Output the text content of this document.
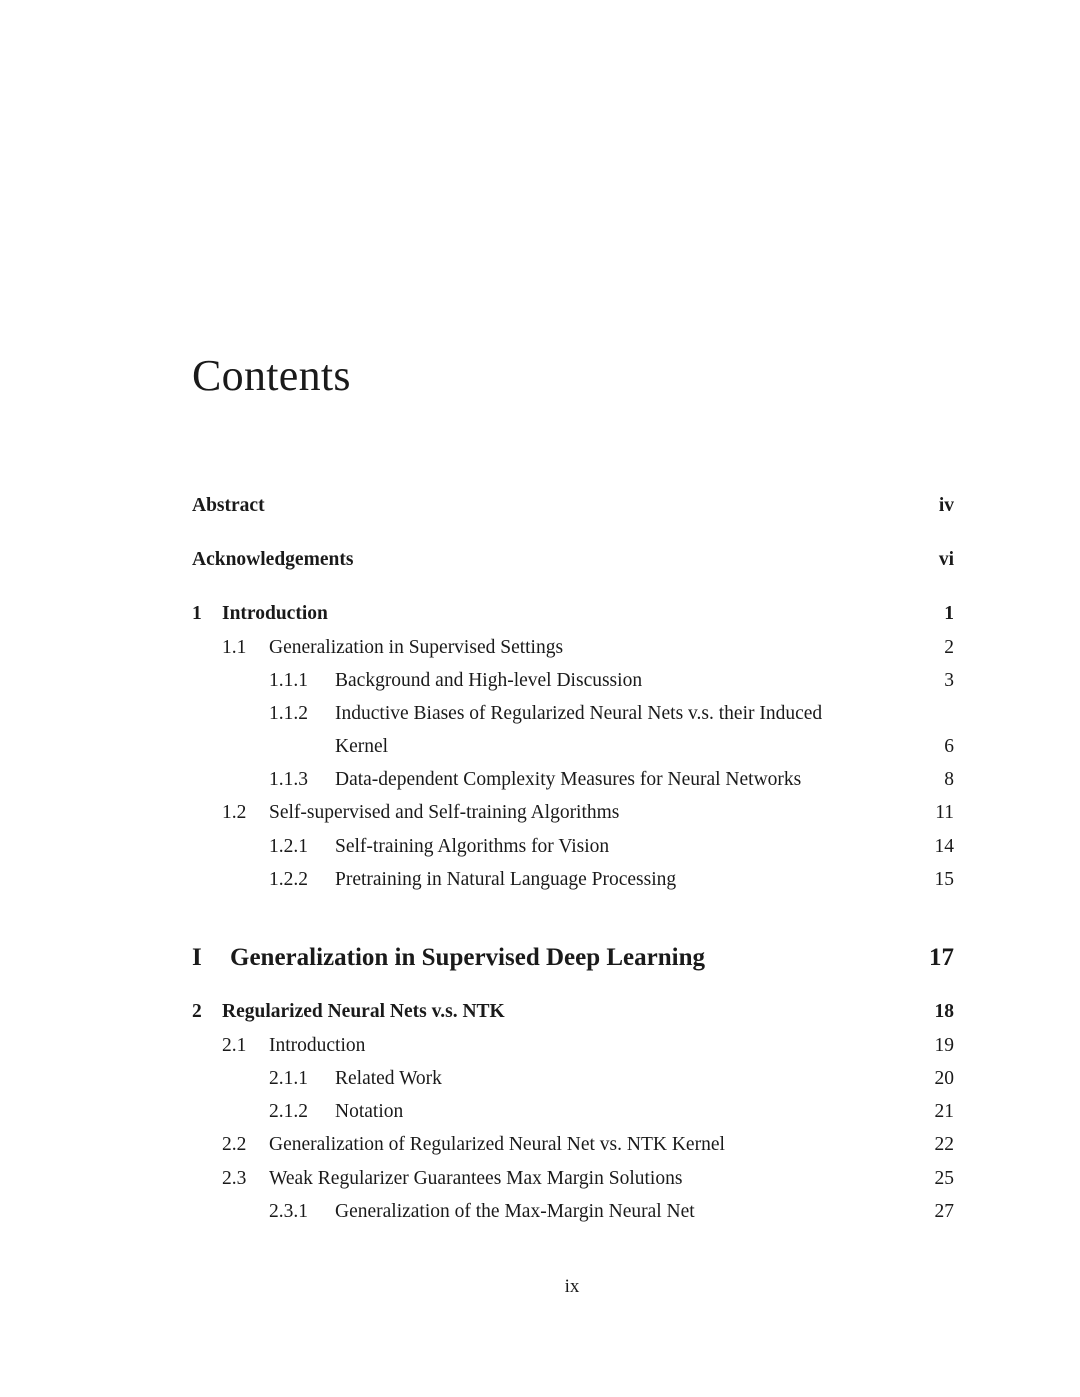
Contents
Abstract	iv
Acknowledgements	vi
1 Introduction	1
1.1 Generalization in Supervised Settings	2
1.1.1 Background and High-level Discussion	3
1.1.2 Inductive Biases of Regularized Neural Nets v.s. their Induced
Kernel	6
1.1.3 Data-dependent Complexity Measures for Neural Networks	8
1.2 Self-supervised and Self-training Algorithms	11
1.2.1 Self-training Algorithms for Vision	14
1.2.2 Pretraining in Natural Language Processing	15
I Generalization in Supervised Deep Learning	17
2 Regularized Neural Nets v.s. NTK	18
2.1 Introduction	19
2.1.1 Related Work	20
2.1.2 Notation	21
2.2 Generalization of Regularized Neural Net vs. NTK Kernel	22
2.3 Weak Regularizer Guarantees Max Margin Solutions	25
2.3.1 Generalization of the Max-Margin Neural Net	27
ix
